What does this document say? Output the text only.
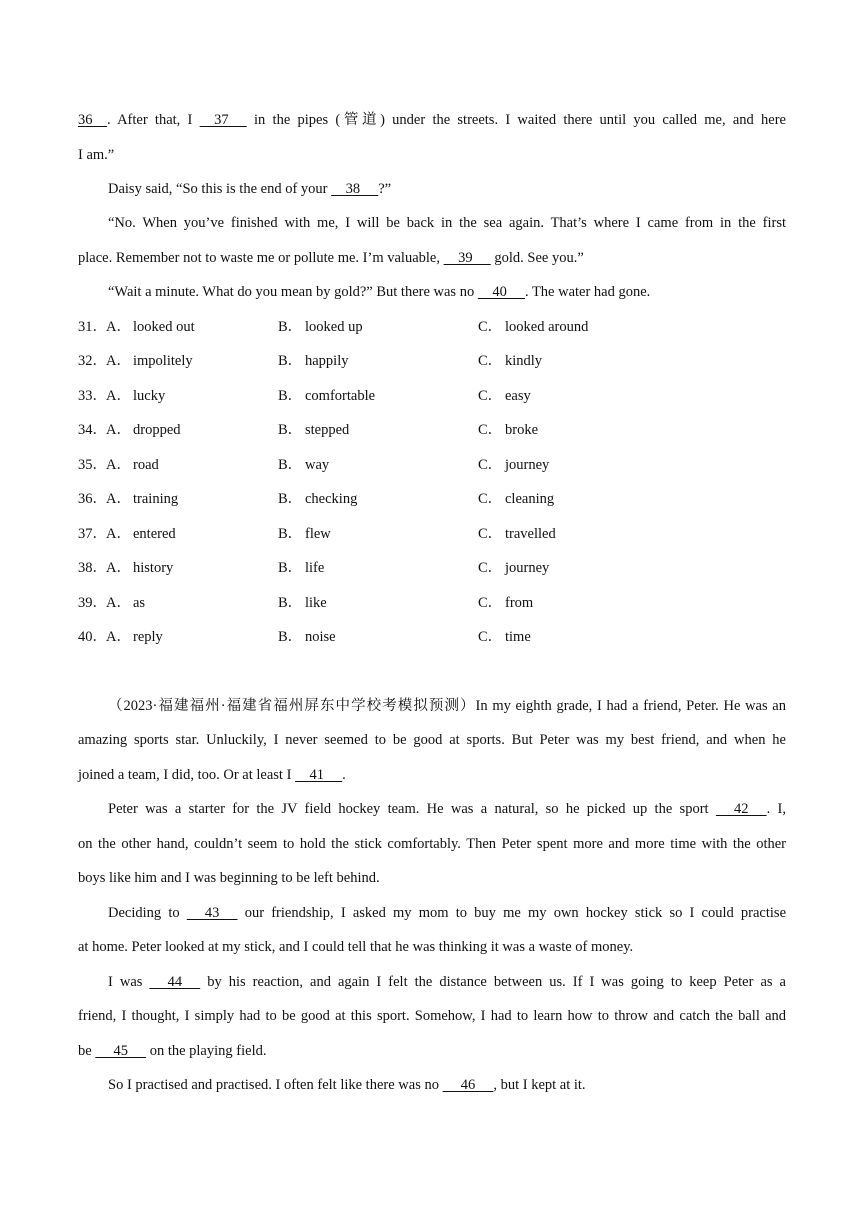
36    . After that, I     37      in the pipes (管道) under the streets. I waited there until you called me, and here
I am.”
Daisy said, “So this is the end of your     38     ?”
“No. When you’ve finished with me, I will be back in the sea again. That’s where I came from in the first
place. Remember not to waste me or pollute me. I’m valuable,     39      gold. See you.”
“Wait a minute. What do you mean by gold?” But there was no     40     . The water had gone.
31． A． looked out	B． looked up	C． looked around
32． A． impolitely	B． happily	C． kindly
33． A． lucky	B． comfortable	C． easy
34． A． dropped	B． stepped	C． broke
35． A． road	B． way	C． journey
36． A． training	B． checking	C． cleaning
37． A． entered	B． flew	C． travelled
38． A． history	B． life	C． journey
39． A． as	B． like	C． from
40． A． reply	B． noise	C． time
（2023·福建福州·福建省福州屏东中学校考模拟预测）In my eighth grade, I had a friend, Peter. He was an
amazing sports star. Unluckily, I never seemed to be good at sports. But Peter was my best friend, and when he
joined a team, I did, too. Or at least I     41     .
Peter was a starter for the JV field hockey team. He was a natural, so he picked up the sport      42     . I,
on the other hand, couldn’t seem to hold the stick comfortably. Then Peter spent more and more time with the other
boys like him and I was beginning to be left behind.
Deciding to      43      our friendship, I asked my mom to buy me my own hockey stick so I could practise
at home. Peter looked at my stick, and I could tell that he was thinking it was a waste of money.
I was      44      by his reaction, and again I felt the distance between us. If I was going to keep Peter as a
friend, I thought, I simply had to be good at this sport. Somehow, I had to learn how to throw and catch the ball and
be      45      on the playing field.
So I practised and practised. I often felt like there was no      46     , but I kept at it.
